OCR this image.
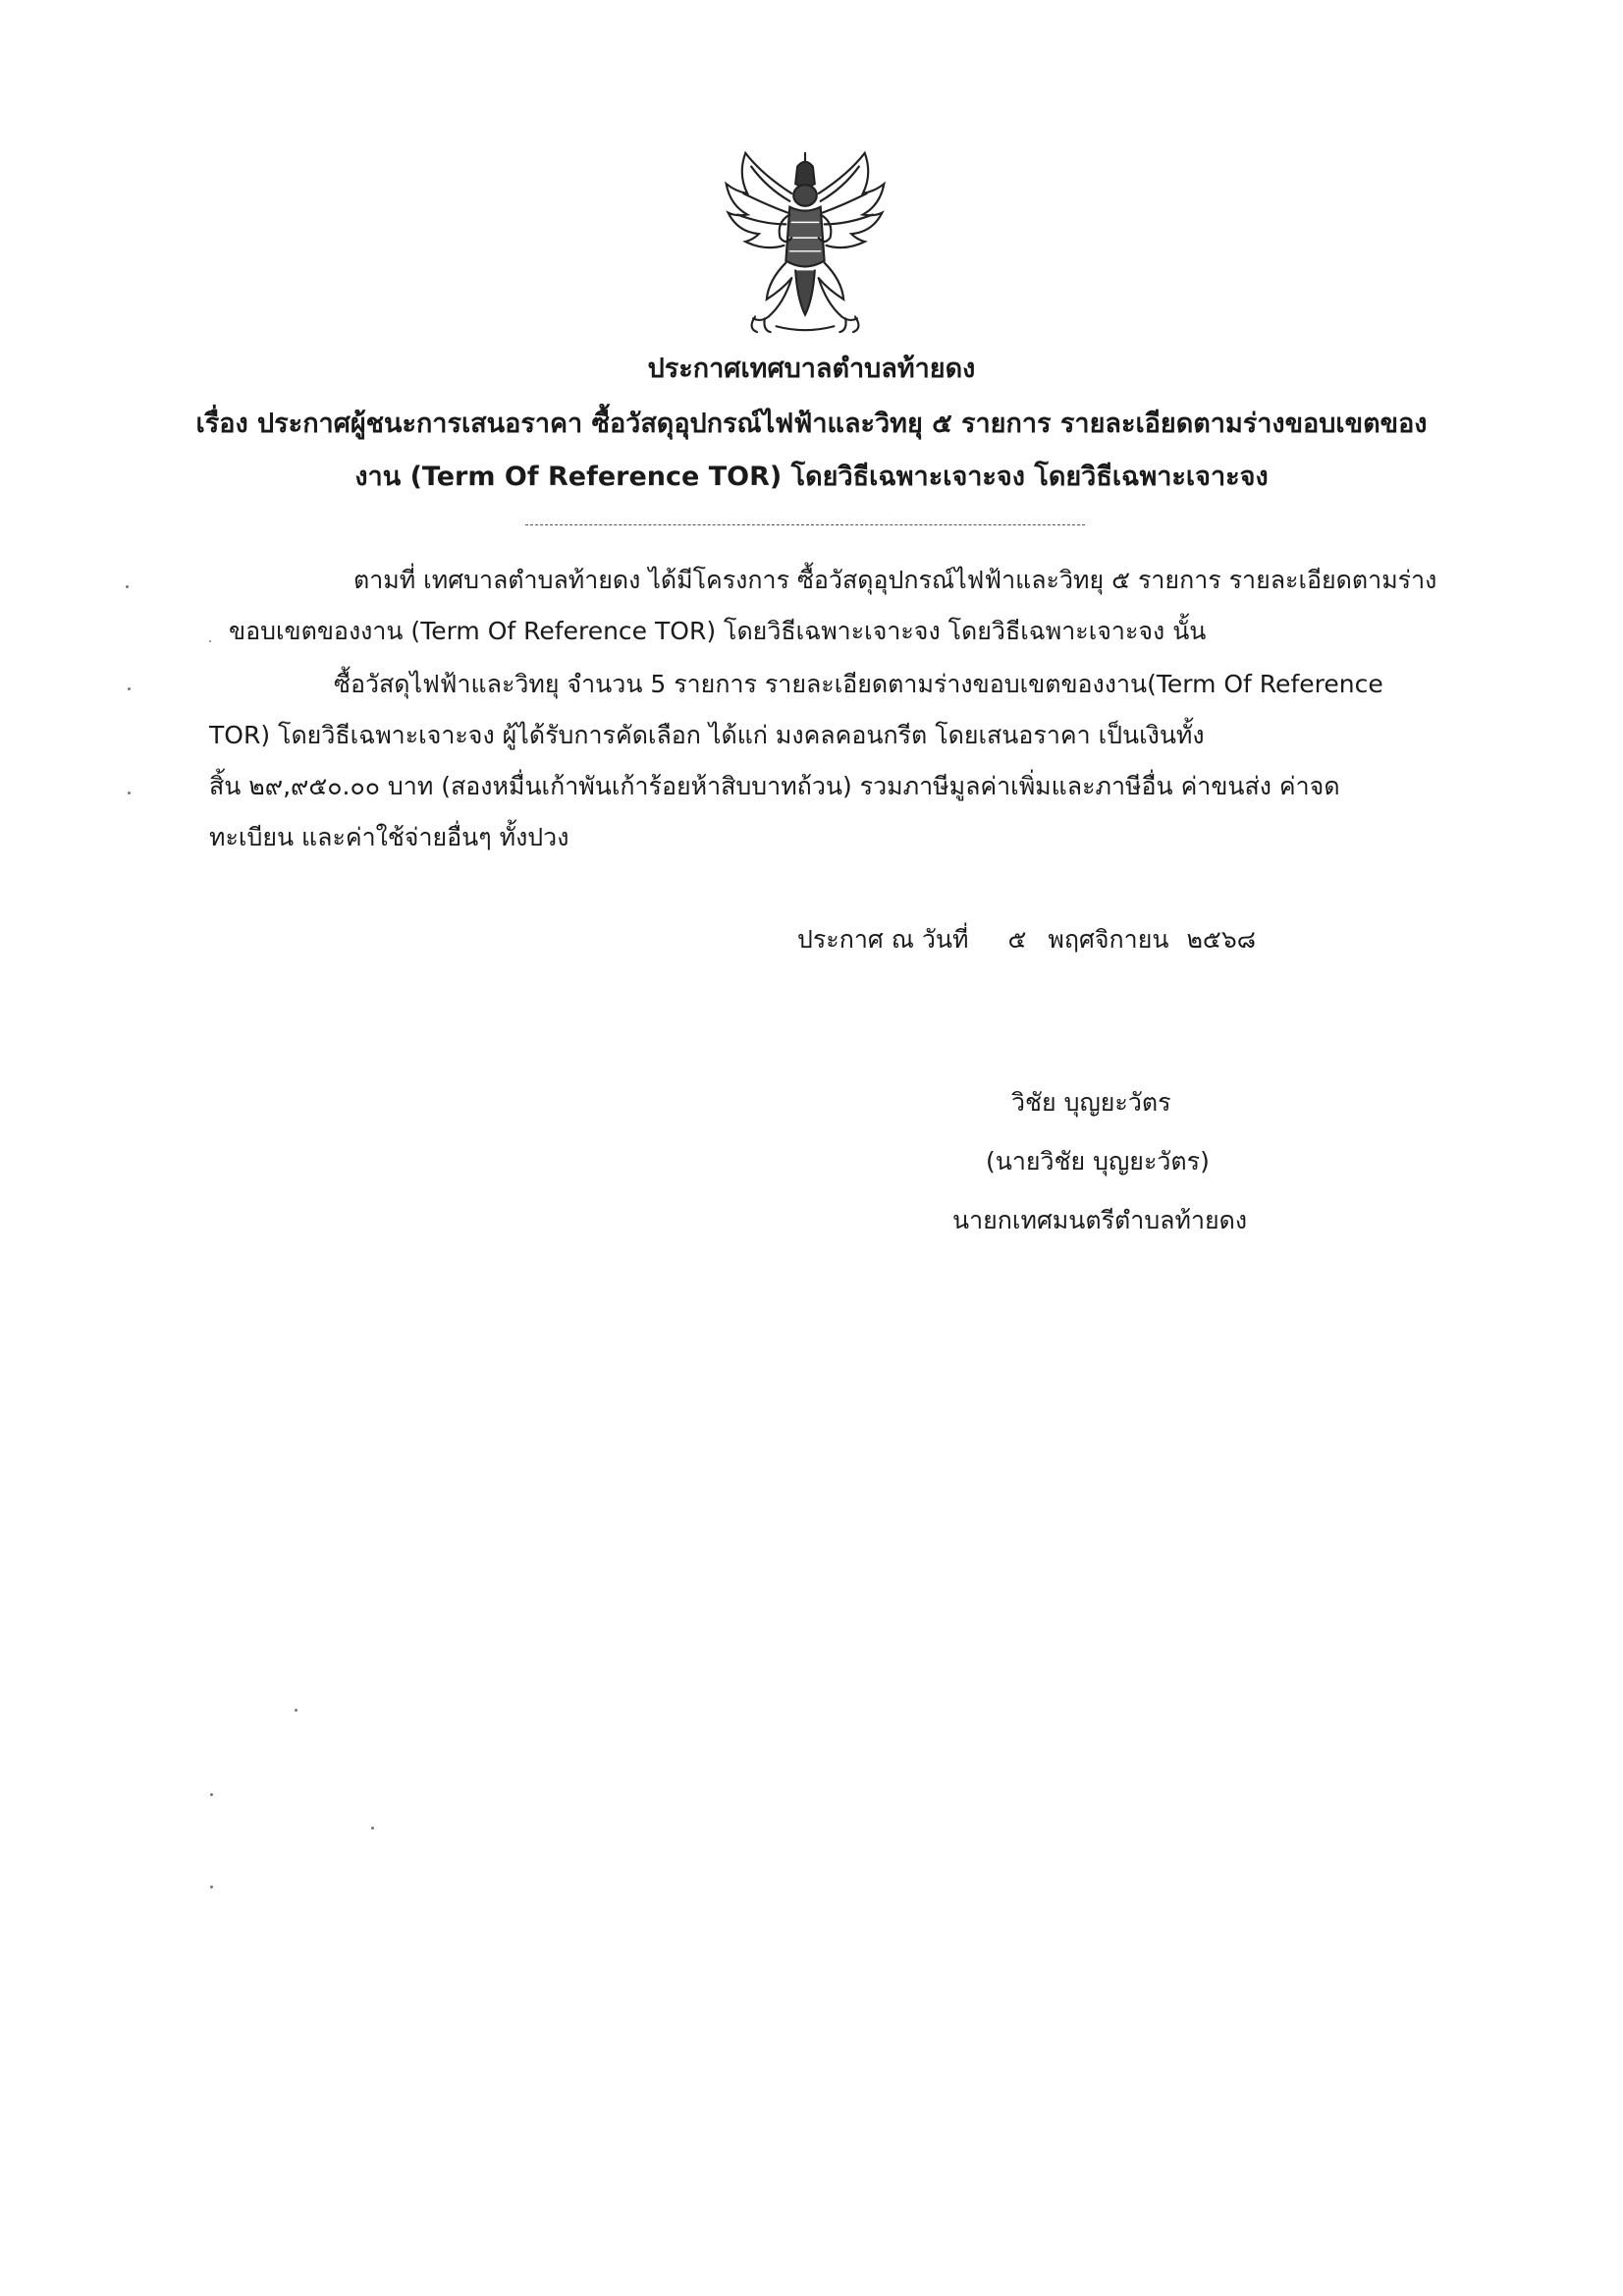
ประกาศเทศบาลตำบลท้ายดง
เรื่อง ประกาศผู้ชนะการเสนอราคา ซื้อวัสดุอุปกรณ์ไฟฟ้าและวิทยุ ๕ รายการ รายละเอียดตามร่างขอบเขตของ
งาน (Term Of Reference TOR) โดยวิธีเฉพาะเจาะจง โดยวิธีเฉพาะเจาะจง
ตามที่ เทศบาลตำบลท้ายดง ได้มีโครงการ ซื้อวัสดุอุปกรณ์ไฟฟ้าและวิทยุ ๕ รายการ รายละเอียดตามร่าง
ขอบเขตของงาน (Term Of Reference TOR) โดยวิธีเฉพาะเจาะจง โดยวิธีเฉพาะเจาะจง นั้น
ซื้อวัสดุไฟฟ้าและวิทยุ จำนวน 5 รายการ รายละเอียดตามร่างขอบเขตของงาน(Term Of Reference
TOR) โดยวิธีเฉพาะเจาะจง ผู้ได้รับการคัดเลือก ได้แก่ มงคลคอนกรีต โดยเสนอราคา เป็นเงินทั้ง
สิ้น ๒๙,๙๕๐.๐๐ บาท (สองหมื่นเก้าพันเก้าร้อยห้าสิบบาทถ้วน) รวมภาษีมูลค่าเพิ่มและภาษีอื่น ค่าขนส่ง ค่าจด
ทะเบียน และค่าใช้จ่ายอื่นๆ ทั้งปวง
ประกาศ ณ วันที่ ๕ พฤศจิกายน ๒๕๖๘
วิชัย บุญยะวัตร
(นายวิชัย บุญยะวัตร)
นายกเทศมนตรีตำบลท้ายดง
